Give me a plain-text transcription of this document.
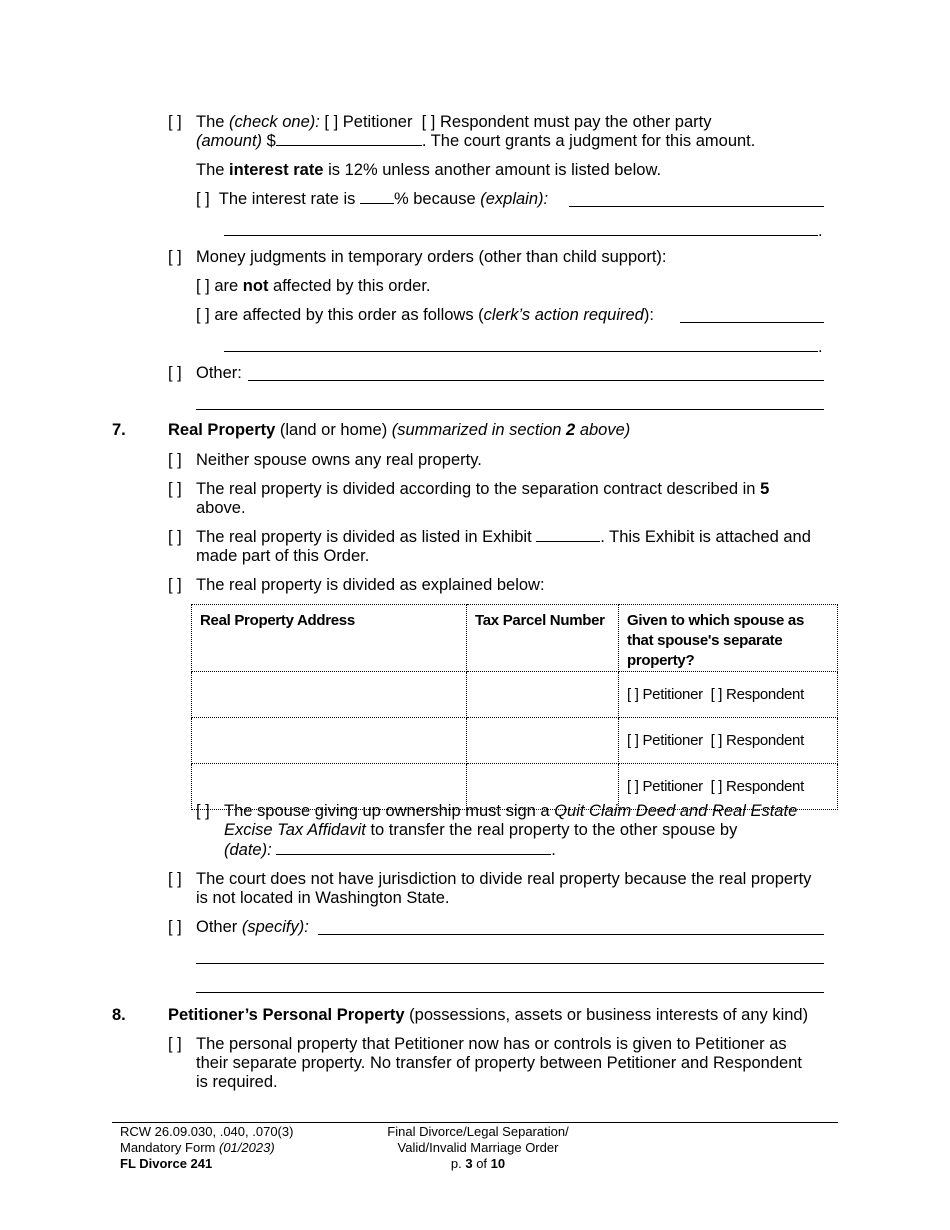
[ ] The (check one): [ ] Petitioner [ ] Respondent must pay the other party
(amount) $	. The court grants a judgment for this amount.
The interest rate is 12% unless another amount is listed below.
[ ] The interest rate is % because (explain):
.
[ ] Money judgments in temporary orders (other than child support):
[ ] are not affected by this order.
[ ] are affected by this order as follows (clerk’s action required):
.
[ ] Other:
7.	Real Property (land or home) (summarized in section 2 above)
[ ] Neither spouse owns any real property.
[ ] The real property is divided according to the separation contract described in 5
above.
[ ] The real property is divided as listed in Exhibit	. This Exhibit is attached and
made part of this Order.
[ ] The real property is divided as explained below:
Real Property Address	Tax Parcel Number	Given to which spouse as that spouse's separate property?
		[ ] Petitioner  [ ] Respondent
		[ ] Petitioner  [ ] Respondent
		[ ] Petitioner  [ ] Respondent
[ ] The spouse giving up ownership must sign a Quit Claim Deed and Real Estate
Excise Tax Affidavit to transfer the real property to the other spouse by
(date):	.
[ ] The court does not have jurisdiction to divide real property because the real property
is not located in Washington State.
[ ] Other (specify):
8.	Petitioner’s Personal Property (possessions, assets or business interests of any kind)
[ ] The personal property that Petitioner now has or controls is given to Petitioner as
their separate property. No transfer of property between Petitioner and Respondent
is required.
RCW 26.09.030, .040, .070(3)
Mandatory Form (01/2023)
FL Divorce 241
Final Divorce/Legal Separation/
Valid/Invalid Marriage Order
p. 3 of 10
